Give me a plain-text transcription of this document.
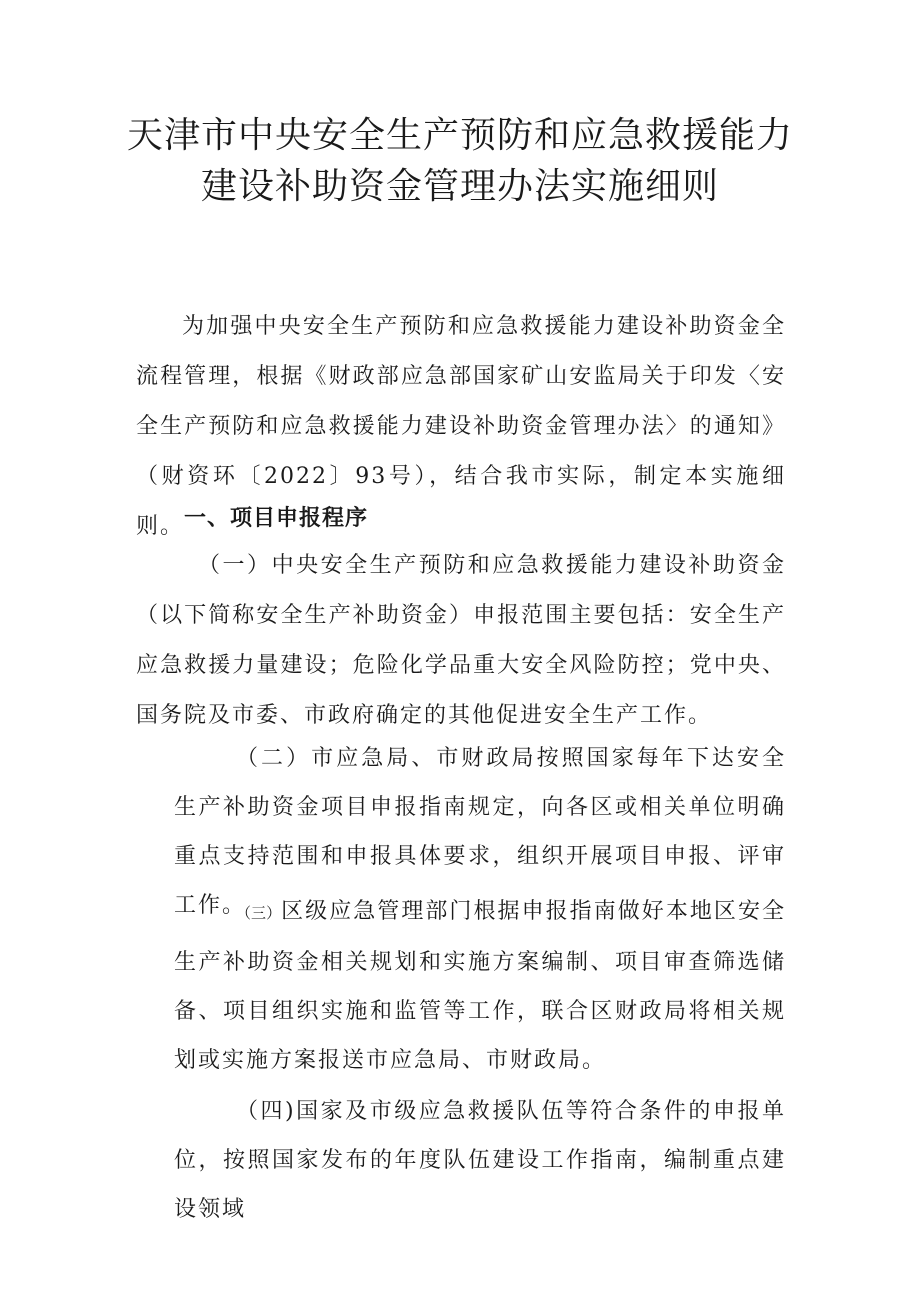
天津市中央安全生产预防和应急救援能力
建设补助资金管理办法实施细则
为加强中央安全生产预防和应急救援能力建设补助资金全流程管理，根据《财政部应急部国家矿山安监局关于印发〈安全生产预防和应急救援能力建设补助资金管理办法〉的通知》（财资环〔2022〕93号），结合我市实际，制定本实施细则。 一、项目申报程序
（一）中央安全生产预防和应急救援能力建设补助资金（以下简称安全生产补助资金）申报范围主要包括：安全生产应急救援力量建设；危险化学品重大安全风险防控；党中央、国务院及市委、市政府确定的其他促进安全生产工作。
（二）市应急局、市财政局按照国家每年下达安全生产补助资金项目申报指南规定，向各区或相关单位明确重点支持范围和申报具体要求，组织开展项目申报、评审工作。
（三）区级应急管理部门根据申报指南做好本地区安全生产补助资金相关规划和实施方案编制、项目审查筛选储备、项目组织实施和监管等工作，联合区财政局将相关规划或实施方案报送市应急局、市财政局。
（四)国家及市级应急救援队伍等符合条件的申报单位，按照国家发布的年度队伍建设工作指南，编制重点建设领域
